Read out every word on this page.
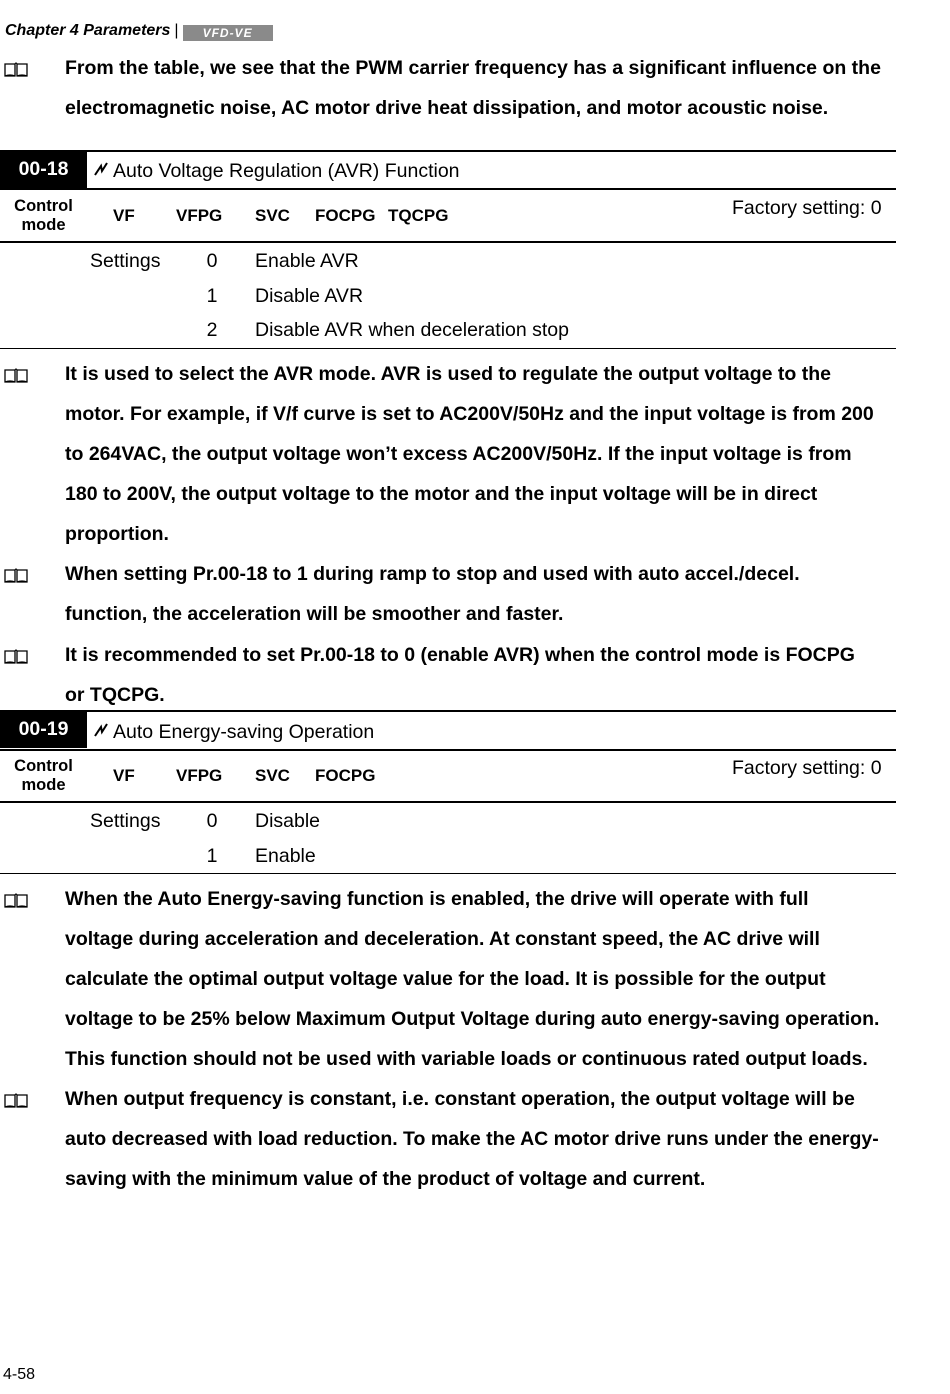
Chapter 4 Parameters | VFD-VE
From the table, we see that the PWM carrier frequency has a significant influence on the
electromagnetic noise, AC motor drive heat dissipation, and motor acoustic noise.
00-18	Auto Voltage Regulation (AVR) Function
Control
mode	VF VFPG SVC FOCPG TQCPG	Factory setting: 0
Settings 0 Enable AVR
1 Disable AVR
2 Disable AVR when deceleration stop
It is used to select the AVR mode. AVR is used to regulate the output voltage to the
motor. For example, if V/f curve is set to AC200V/50Hz and the input voltage is from 200
to 264VAC, the output voltage won’t excess AC200V/50Hz. If the input voltage is from
180 to 200V, the output voltage to the motor and the input voltage will be in direct
proportion.
When setting Pr.00-18 to 1 during ramp to stop and used with auto accel./decel.
function, the acceleration will be smoother and faster.
It is recommended to set Pr.00-18 to 0 (enable AVR) when the control mode is FOCPG
or TQCPG.
00-19	Auto Energy-saving Operation
Control
mode	VF VFPG SVC FOCPG	Factory setting: 0
Settings 0 Disable
1 Enable
When the Auto Energy-saving function is enabled, the drive will operate with full
voltage during acceleration and deceleration. At constant speed, the AC drive will
calculate the optimal output voltage value for the load. It is possible for the output
voltage to be 25% below Maximum Output Voltage during auto energy-saving operation.
This function should not be used with variable loads or continuous rated output loads.
When output frequency is constant, i.e. constant operation, the output voltage will be
auto decreased with load reduction. To make the AC motor drive runs under the energy-
saving with the minimum value of the product of voltage and current.
4-58
